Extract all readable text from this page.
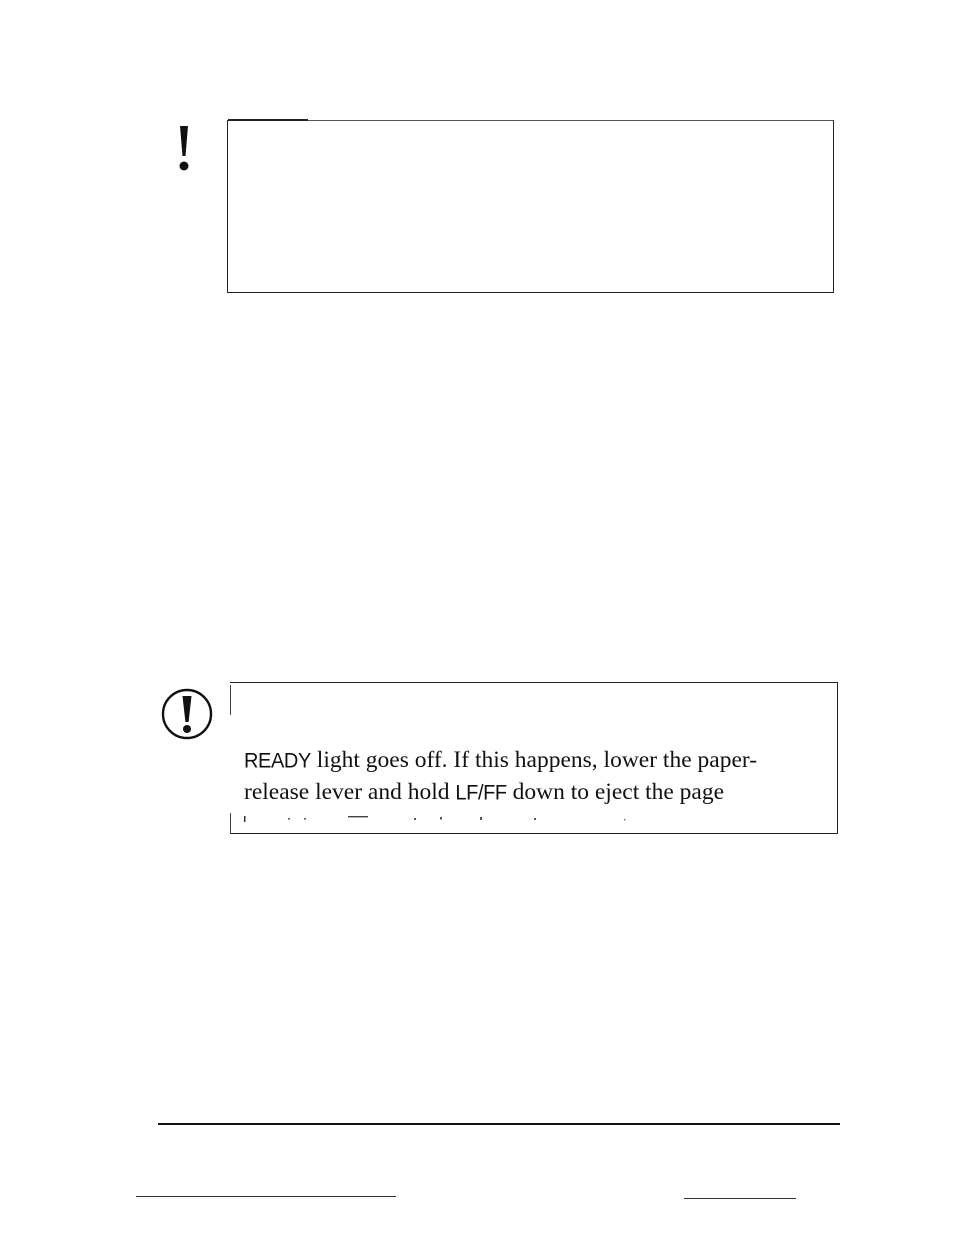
READY light goes off. If this happens, lower the paper-
release lever and hold LF/FF down to eject the page
